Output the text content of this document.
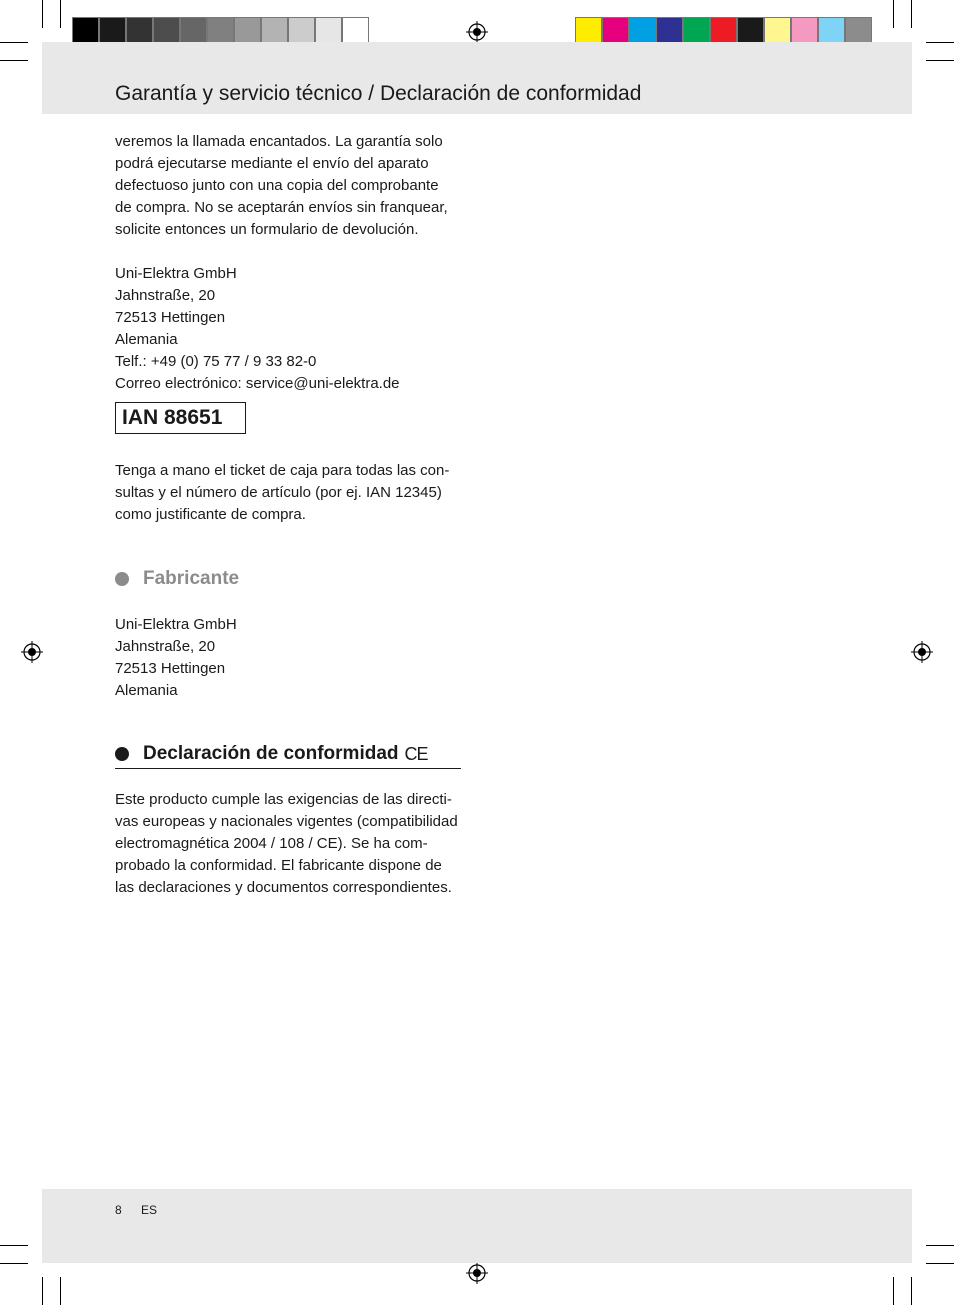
Garantía y servicio técnico / Declaración de conformidad
veremos la llamada encantados. La garantía solo
podrá ejecutarse mediante el envío del aparato
defectuoso junto con una copia del comprobante
de compra. No se aceptarán envíos sin franquear,
solicite entonces un formulario de devolución.
Uni-Elektra GmbH
Jahnstraße, 20
72513 Hettingen
Alemania
Telf.: +49 (0) 75 77 / 9 33 82-0
Correo electrónico: service@uni-elektra.de
IAN 88651
Tenga a mano el ticket de caja para todas las con-
sultas y el número de artículo (por ej. IAN 12345)
como justificante de compra.
Fabricante
Uni-Elektra GmbH
Jahnstraße, 20
72513 Hettingen
Alemania
Declaración de conformidad CE
Este producto cumple las exigencias de las directi-
vas europeas y nacionales vigentes (compatibilidad
electromagnética 2004 / 108 / CE). Se ha com-
probado la conformidad. El fabricante dispone de
las declaraciones y documentos correspondientes.
8 ES
